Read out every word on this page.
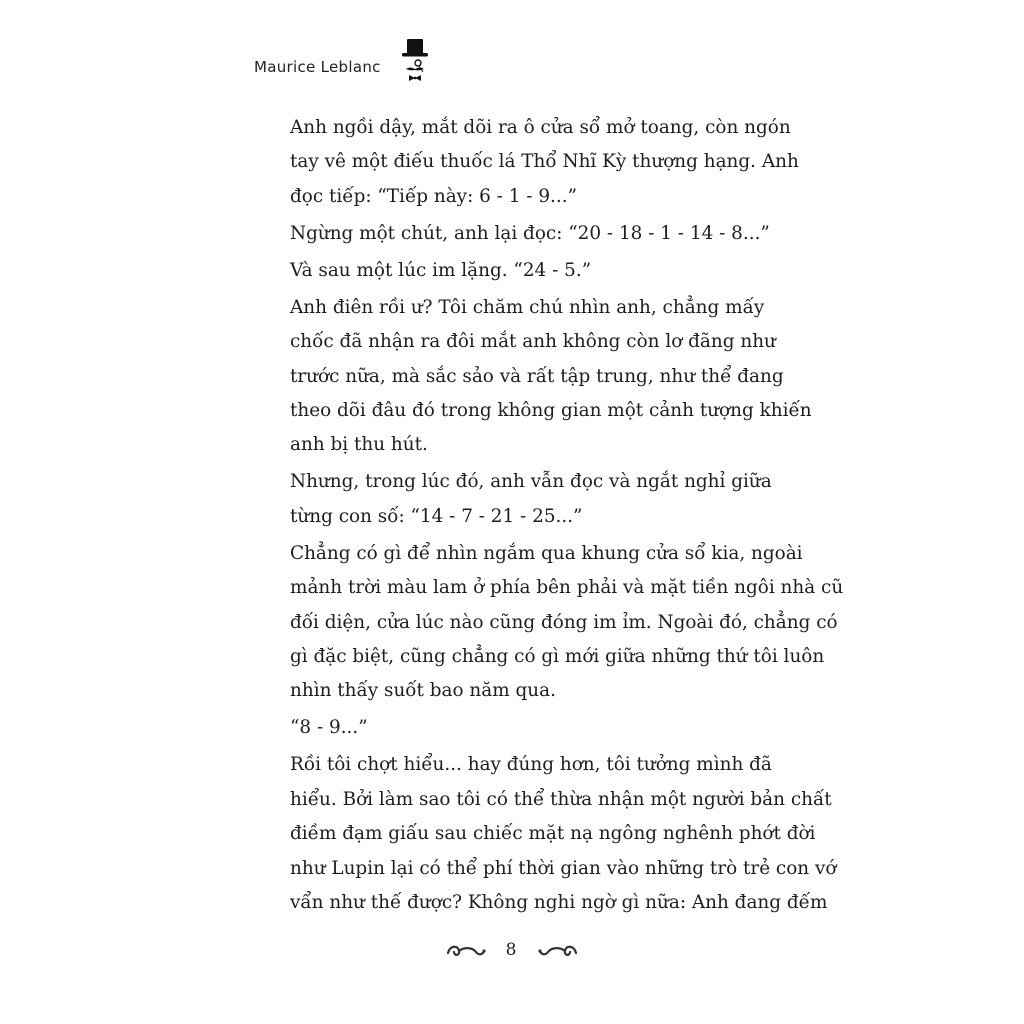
Maurice Leblanc

Anh ngồi dậy, mắt dõi ra ô cửa sổ mở toang, còn ngón
tay vê một điếu thuốc lá Thổ Nhĩ Kỳ thượng hạng. Anh
đọc tiếp: “Tiếp này: 6 - 1 - 9...”

Ngừng một chút, anh lại đọc: “20 - 18 - 1 - 14 - 8...”

Và sau một lúc im lặng. “24 - 5.”

Anh điên rồi ư? Tôi chăm chú nhìn anh, chẳng mấy
chốc đã nhận ra đôi mắt anh không còn lơ đãng như
trước nữa, mà sắc sảo và rất tập trung, như thể đang
theo dõi đâu đó trong không gian một cảnh tượng khiến
anh bị thu hút.

Nhưng, trong lúc đó, anh vẫn đọc và ngắt nghỉ giữa
từng con số: “14 - 7 - 21 - 25...”

Chẳng có gì để nhìn ngắm qua khung cửa sổ kia, ngoài
mảnh trời màu lam ở phía bên phải và mặt tiền ngôi nhà cũ
đối diện, cửa lúc nào cũng đóng im ỉm. Ngoài đó, chẳng có
gì đặc biệt, cũng chẳng có gì mới giữa những thứ tôi luôn
nhìn thấy suốt bao năm qua.

“8 - 9...”

Rồi tôi chợt hiểu... hay đúng hơn, tôi tưởng mình đã
hiểu. Bởi làm sao tôi có thể thừa nhận một người bản chất
điềm đạm giấu sau chiếc mặt nạ ngông nghênh phớt đời
như Lupin lại có thể phí thời gian vào những trò trẻ con vớ
vẩn như thế được? Không nghi ngờ gì nữa: Anh đang đếm

8
